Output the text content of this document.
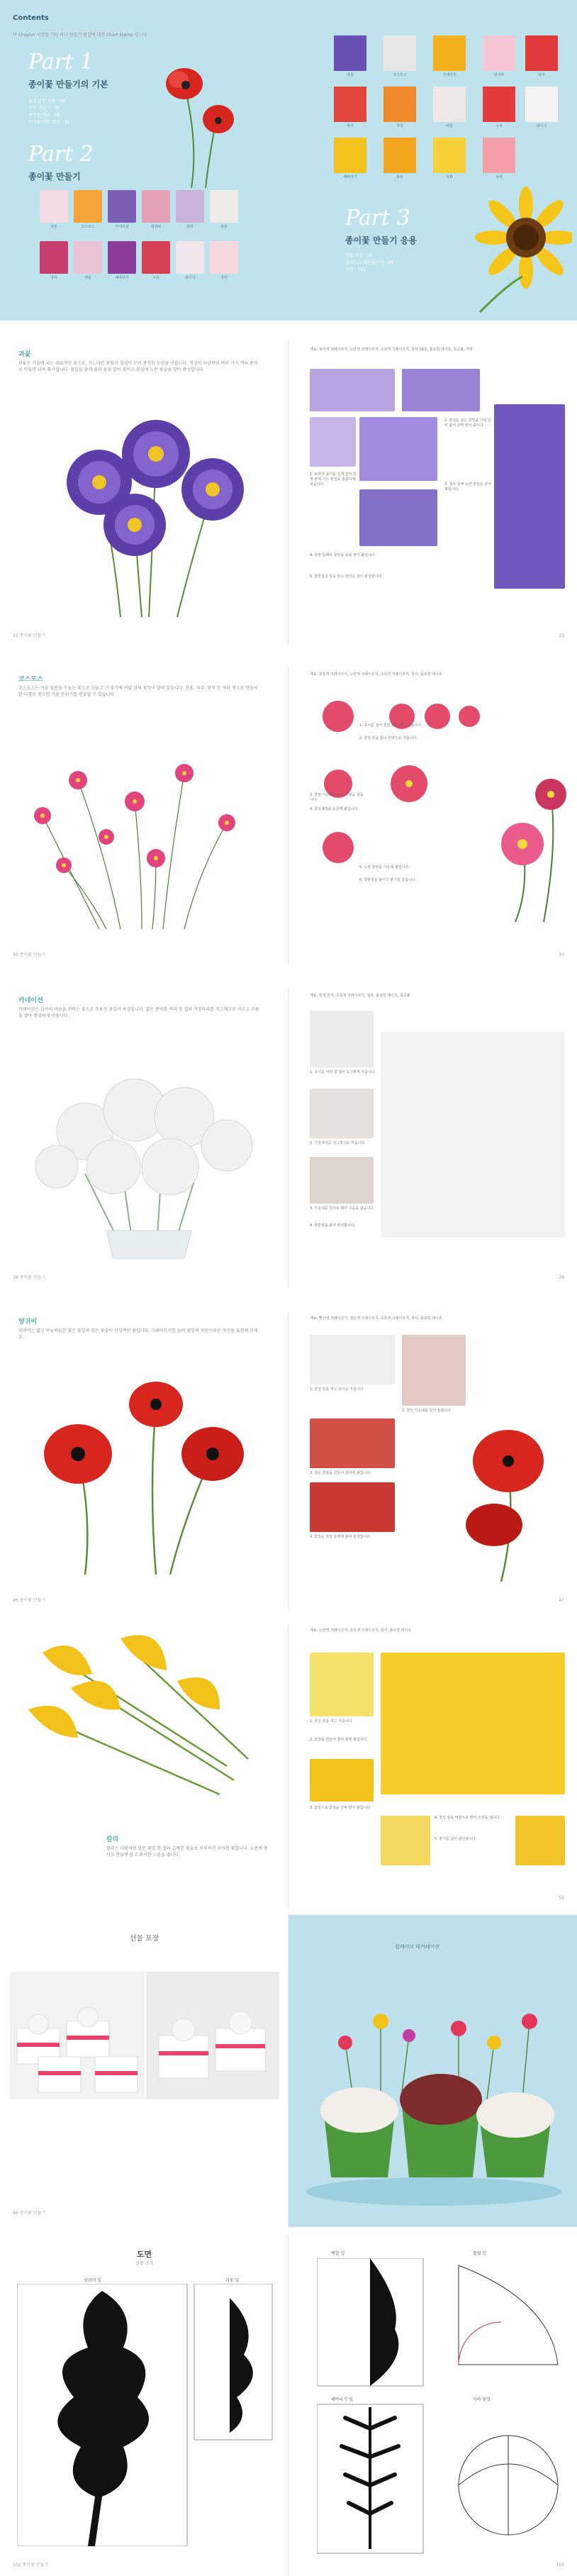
Contents
이 Chapter 지침들 기타 하나 만들기 편집에 대한 Chart Stamp 입니다
Part 1
종이꽃 만들기의 기본
꽃의 부분 이름 · 04
종이 고르기 · 06
종이꽃 재료 · 08
종이꽃 기본 기법 · 10
Part 2
종이꽃 만들기
과꽃	코스모스	카네이션	양귀비	칼라	튤립
장미	백합	해바라기	수국	데이지	작약
과꽃	코스모스	카네이션	양귀비	칼라
장미	작약	백합	수국	데이지
해바라기	튤립	국화	동백
Part 3
종이꽃 만들기 응용
선물 포장 · 96
컵케이크 데커레이션 · 98
도면 · 102
과꽃
과꽃은 가을에 피는 대표적인 꽃으로, 가느다란 꽃잎이 겹겹이 모여 풍성한 모양을 이룹니다. 색상이 다양하여 여러 가지 색의 종이로 만들면 더욱 화사합니다. 꽃잎을 잘게 잘라 돌돌 말아 붙이고 중심에 노란 꽃술을 달아 완성합니다.
22 종이꽃 만들기
재료: 보라색 크레이프지, 노란색 크레이프지, 초록색 크레이프지, 철사 18호, 플로럴 테이프, 목공풀, 가위
1. 보라색 종이를 길게 잘라 한쪽 끝에 가는 칼집을 촘촘하게 넣습니다.
2. 칼집을 넣은 꽃잎을 가위 날로 훑어 살짝 말아 줍니다.
3. 철사 끝에 노란 꽃술을 감아 붙입니다.
4. 꽃술 둘레로 꽃잎을 돌돌 말아 붙입니다.
5. 꽃받침과 잎을 달고 줄기를 감아 완성합니다.
23
코스모스
코스모스는 가을 들판을 수놓는 꽃으로 가늘고 긴 줄기에 여덟 장의 꽃잎이 달려 있습니다. 분홍, 자주, 흰색 등 여러 색으로 만들어 한 다발로 꽂으면 가을 분위기를 연출할 수 있습니다.
30 종이꽃 만들기
재료: 분홍색 크레이프지, 노란색 크레이프지, 초록색 크레이프지, 철사, 플로럴 테이프
1. 종이를 접어 꽃잎 본을 대고 자릅니다.
2. 꽃잎 끝을 톱니 모양으로 자릅니다.
3. 꽃잎 가운데를 눌러 모양을 잡습니다.
4. 꽃잎 8장을 둥글게 붙입니다.
5. 노란 꽃술을 가운데 붙입니다.
6. 꽃받침을 붙이고 줄기를 감습니다.
31
카네이션
카네이션은 감사의 마음을 전하는 꽃으로 주름진 꽃잎이 특징입니다. 얇은 종이를 여러 장 겹쳐 가장자리를 지그재그로 자르고 주름을 잡아 풍성하게 만듭니다.
38 종이꽃 만들기
재료: 흰색 한지, 초록색 크레이프지, 철사, 플로럴 테이프, 목공풀
1. 종이를 여러 겹 접어 동그랗게 자릅니다.
2. 가장자리를 지그재그로 자릅니다.
3. 가운데를 철사로 꿰어 주름을 잡습니다.
4. 꽃받침을 붙여 완성합니다.
39
양귀비
양귀비는 얇고 하늘하늘한 붉은 꽃잎과 검은 꽃술이 인상적인 꽃입니다. 크레이프지를 늘려 꽃잎의 자연스러운 곡선을 표현해 보세요.
46 종이꽃 만들기
재료: 빨간색 크레이프지, 검은색 크레이프지, 초록색 크레이프지, 철사, 플로럴 테이프
1. 꽃잎 본을 대고 종이를 자릅니다.
2. 꽃잎 가운데를 당겨 늘립니다.
3. 검은 꽃술을 만들어 철사에 붙입니다.
4. 꽃잎을 꽃술 둘레에 붙여 완성합니다.
47
칼라
칼라는 나팔처럼 말린 꽃잎 한 장과 길쭉한 꽃술로 이루어진 우아한 꽃입니다. 노란색 종이로 만들면 밝고 화사한 느낌을 줍니다.
재료: 노란색 크레이프지, 초록색 크레이프지, 철사, 플로럴 테이프
1. 꽃잎 본을 대고 자릅니다.
2. 꽃술을 만들어 철사 끝에 붙입니다.
3. 꽃잎으로 꽃술을 감싸 말아 붙입니다.
4. 꽃잎 끝을 바깥으로 말아 모양을 냅니다.
5. 줄기를 감아 완성합니다.
55
선물 포장
96 종이꽃 만들기
컵케이크 데커레이션
도면
실물 크기
양귀비 잎	과꽃 잎
102 종이꽃 만들기
백합 잎	튤립 잎
해바라기 잎	카라 꽃잎
103
